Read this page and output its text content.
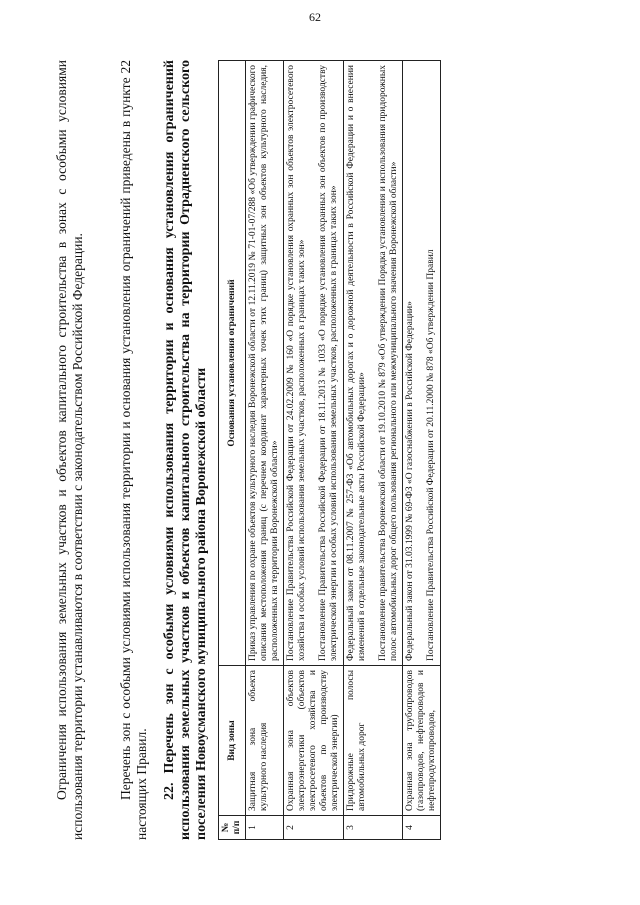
62
Ограничения использования земельных участков и объектов капитального строительства в зонах с особыми условиями использования территории устанавливаются в соответствии с законодательством Российской Федерации. Перечень зон с особыми условиями использования территории и основания установления ограничений приведены в пункте 22 настоящих Правил. 22. Перечень зон с особыми условиями использования территории и основания установления ограничений использования земельных участков и объектов капитального строительства на территории Отрадненского сельского поселения Новоусманского муниципального района Воронежской области № п/п	Вид зоны	Основания установления ограничений
1	Защитная зона объекта культурного наследия	Приказ управления по охране объектов культурного наследия Воронежской области от 12.11.2019 № 71-01-07/288 «Об утверждении графического описания местоположения границ (с перечнем координат характерных точек этих границ) защитных зон объектов культурного наследия, расположенных на территории Воронежской области»

2	Охранная зона объектов электроэнергетики (объектов электросетевого хозяйства и объектов по производству электрической энергии)	Постановление Правительства Российской Федерации от 24.02.2009 № 160 «О порядке установления охранных зон объектов электросетевого хозяйства и особых условий использования земельных участков, расположенных в границах таких зон» Постановление Правительства Российской Федерации от 18.11.2013 № 1033 «О порядке установления охранных зон объектов по производству электрической энергии и особых условий использования земельных участков, расположенных в границах таких зон»

3	Придорожные полосы автомобильных дорог	Федеральный закон от 08.11.2007 № 257-ФЗ «Об автомобильных дорогах и о дорожной деятельности в Российской Федерации и о внесении изменений в отдельные законодательные акты Российской Федерации» Постановление правительства Воронежской области от 19.10.2010 № 879 «Об утверждении Порядка установления и использования придорожных полос автомобильных дорог общего пользования регионального или межмуниципального значения Воронежской области»

4	Охранная зона трубопроводов (газопроводов, нефтепроводов и нефтепродуктопроводов,	Федеральный закон от 31.03.1999 № 69-ФЗ «О газоснабжении в Российской Федерации» Постановление Правительства Российской Федерации от 20.11.2000 № 878 «Об утверждении Правил
